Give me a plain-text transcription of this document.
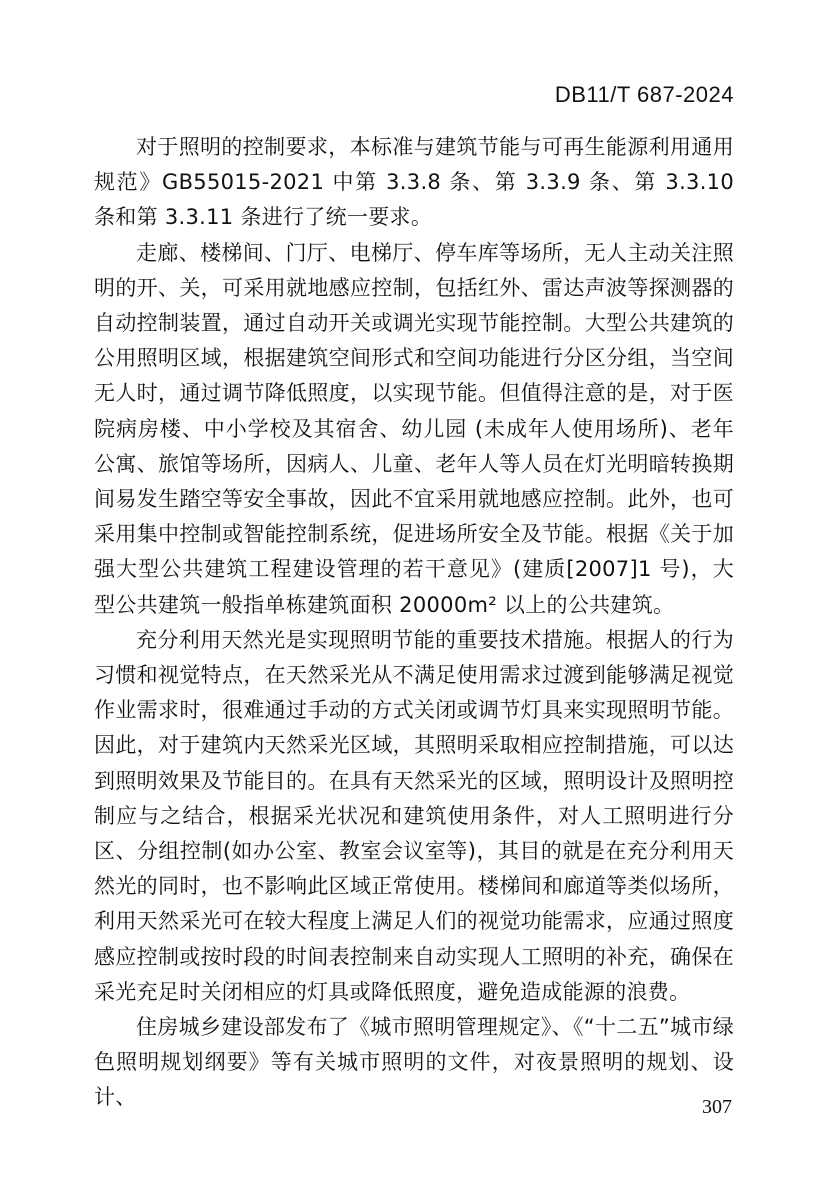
DB11/T 687-2024

对于照明的控制要求，本标准与建筑节能与可再生能源利用通用规范》GB55015-2021 中第 3.3.8 条、第 3.3.9 条、第 3.3.10 条和第 3.3.11 条进行了统一要求。

走廊、楼梯间、门厅、电梯厅、停车库等场所，无人主动关注照明的开、关，可采用就地感应控制，包括红外、雷达声波等探测器的自动控制装置，通过自动开关或调光实现节能控制。大型公共建筑的公用照明区域，根据建筑空间形式和空间功能进行分区分组，当空间无人时，通过调节降低照度，以实现节能。但值得注意的是，对于医院病房楼、中小学校及其宿舍、幼儿园 (未成年人使用场所)、老年公寓、旅馆等场所，因病人、儿童、老年人等人员在灯光明暗转换期间易发生踏空等安全事故，因此不宜采用就地感应控制。此外，也可采用集中控制或智能控制系统，促进场所安全及节能。根据《关于加强大型公共建筑工程建设管理的若干意见》(建质[2007]1 号)，大型公共建筑一般指单栋建筑面积 20000m² 以上的公共建筑。

充分利用天然光是实现照明节能的重要技术措施。根据人的行为习惯和视觉特点，在天然采光从不满足使用需求过渡到能够满足视觉作业需求时，很难通过手动的方式关闭或调节灯具来实现照明节能。因此，对于建筑内天然采光区域，其照明采取相应控制措施，可以达到照明效果及节能目的。在具有天然采光的区域，照明设计及照明控制应与之结合，根据采光状况和建筑使用条件，对人工照明进行分区、分组控制(如办公室、教室会议室等)，其目的就是在充分利用天然光的同时，也不影响此区域正常使用。楼梯间和廊道等类似场所，利用天然采光可在较大程度上满足人们的视觉功能需求，应通过照度感应控制或按时段的时间表控制来自动实现人工照明的补充，确保在采光充足时关闭相应的灯具或降低照度，避免造成能源的浪费。

住房城乡建设部发布了《城市照明管理规定》、《“十二五”城市绿色照明规划纲要》等有关城市照明的文件，对夜景照明的规划、设计、	307
